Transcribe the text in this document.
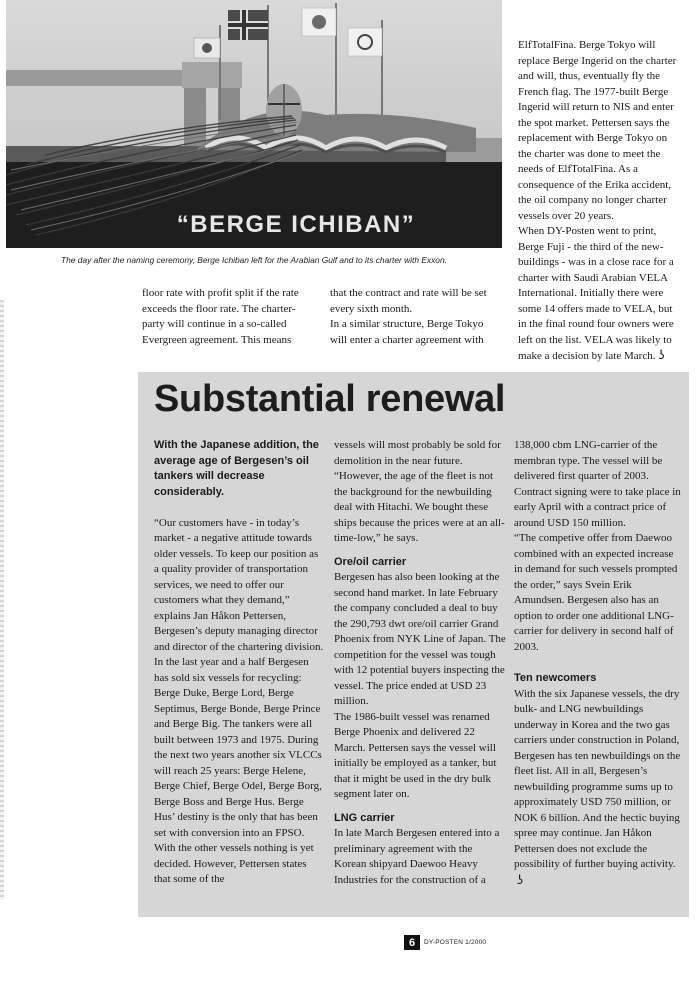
“BERGE ICHIBAN”
The day after the naming ceremony, Berge Ichiban left for the Arabian Gulf and to its charter with Exxon.

ElfTotalFina. Berge Tokyo will replace Berge Ingerid on the charter and will, thus, eventually fly the French flag. The 1977-built Berge Ingerid will return to NIS and enter the spot market. Pettersen says the replacement with Berge Tokyo on the charter was done to meet the needs of ElfTotalFina. As a consequence of the Erika accident, the oil company no longer charter vessels over 20 years.

When DY-Posten went to print, Berge Fuji - the third of the new-buildings - was in a close race for a charter with Saudi Arabian VELA International. Initially there were some 14 offers made to VELA, but in the final round four owners were left on the list. VELA was likely to make a decision by late March. ʖ

floor rate with profit split if the rate exceeds the floor rate. The charter-party will continue in a so-called Evergreen agreement. This means

that the contract and rate will be set every sixth month.

In a similar structure, Berge Tokyo will enter a charter agreement with

Substantial renewal

With the Japanese addition, the average age of Bergesen’s oil tankers will decrease considerably.

“Our customers have - in today’s market - a negative attitude towards older vessels. To keep our position as a quality provider of transportation services, we need to offer our customers what they demand,” explains Jan Håkon Pettersen, Bergesen’s deputy managing director and director of the chartering division.

In the last year and a half Bergesen has sold six vessels for recycling: Berge Duke, Berge Lord, Berge Septimus, Berge Bonde, Berge Prince and Berge Big. The tankers were all built between 1973 and 1975. During the next two years another six VLCCs will reach 25 years: Berge Helene, Berge Chief, Berge Odel, Berge Borg, Berge Boss and Berge Hus. Berge Hus’ destiny is the only that has been set with conversion into an FPSO. With the other vessels nothing is yet decided. However, Pettersen states that some of the

vessels will most probably be sold for demolition in the near future.

“However, the age of the fleet is not the background for the newbuilding deal with Hitachi. We bought these ships because the prices were at an all-time-low,” he says.

Ore/oil carrier

Bergesen has also been looking at the second hand market. In late February the company concluded a deal to buy the 290,793 dwt ore/oil carrier Grand Phoenix from NYK Line of Japan. The competition for the vessel was tough with 12 potential buyers inspecting the vessel. The price ended at USD 23 million.

The 1986-built vessel was renamed Berge Phoenix and delivered 22 March. Pettersen says the vessel will initially be employed as a tanker, but that it might be used in the dry bulk segment later on.

LNG carrier

In late March Bergesen entered into a preliminary agreement with the Korean shipyard Daewoo Heavy Industries for the construction of a

138,000 cbm LNG-carrier of the membran type. The vessel will be delivered first quarter of 2003. Contract signing were to take place in early April with a contract price of around USD 150 million.

“The competive offer from Daewoo combined with an expected increase in demand for such vessels prompted the order,” says Svein Erik Amundsen. Bergesen also has an option to order one additional LNG-carrier for delivery in second half of 2003.

Ten newcomers

With the six Japanese vessels, the dry bulk- and LNG newbuildings underway in Korea and the two gas carriers under construction in Poland, Bergesen has ten newbuildings on the fleet list. All in all, Bergesen’s newbuilding programme sums up to approximately USD 750 million, or NOK 6 billion. And the hectic buying spree may continue. Jan Håkon Pettersen does not exclude the possibility of further buying activity.ʖ

6	DY-POSTEN 1/2000
